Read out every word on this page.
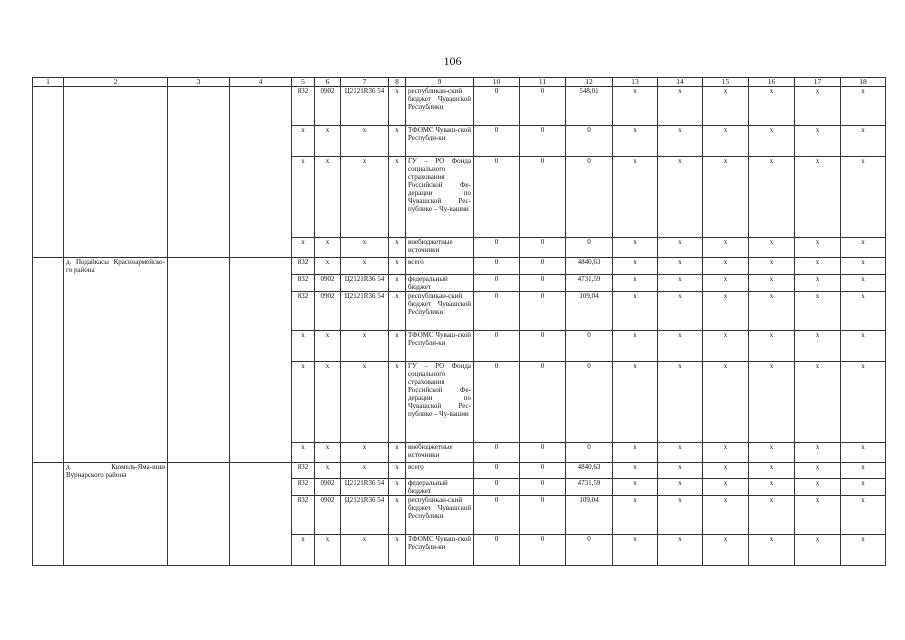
106
1	2	3	4	5	6	7	8	9	10	11	12	13	14	15	16	17	18
				832	0902	Ц2121R36 54	x	республикан-ский бюджет Чувашской Республики	0	0	548,01	x	x	x	x	x	x
				x	x	x	x	ТФОМС Чуваш-ской Республи-ки	0	0	0	x	x	x	x	x	x
				x	x	x	x	ГУ – РО Фонда социального страхования Российской Фе-дерации по Чувашской Рес-публике – Чу-вашии	0	0	0	x	x	x	x	x	x
				x	x	x	x	внебюджетные источники	0	0	0	x	x	x	x	x	x
	д. Подайкасы Красноармейско-го района			832	x	x	x	всего	0	0	4840,63	x	x	x	x	x	x
				832	0902	Ц2121R36 54	x	федеральный бюджет	0	0	4731,59	x	x	x	x	x	x
				832	0902	Ц2121R36 54	x	республикан-ский бюджет Чувашской Республики	0	0	109,04	x	x	x	x	x	x
				x	x	x	x	ТФОМС Чуваш-ской Республи-ки	0	0	0	x	x	x	x	x	x
				x	x	x	x	ГУ – РО Фонда социального страхования Российской Фе-дерации по Чувашской Рес-публике – Чу-вашии	0	0	0	x	x	x	x	x	x
				x	x	x	x	внебюджетные источники	0	0	0	x	x	x	x	x	x
	д. Кюмель-Яма-шин Вурнарского района			832	x	x	x	всего	0	0	4840,63	x	x	x	x	x	x
				832	0902	Ц2121R36 54	x	федеральный бюджет	0	0	4731,59	x	x	x	x	x	x
				832	0902	Ц2121R36 54	x	республикан-ский бюджет Чувашской Республики	0	0	109,04	x	x	x	x	x	x
				x	x	x	x	ТФОМС Чуваш-ской Республи-ки	0	0	0	x	x	x	x	x	x
